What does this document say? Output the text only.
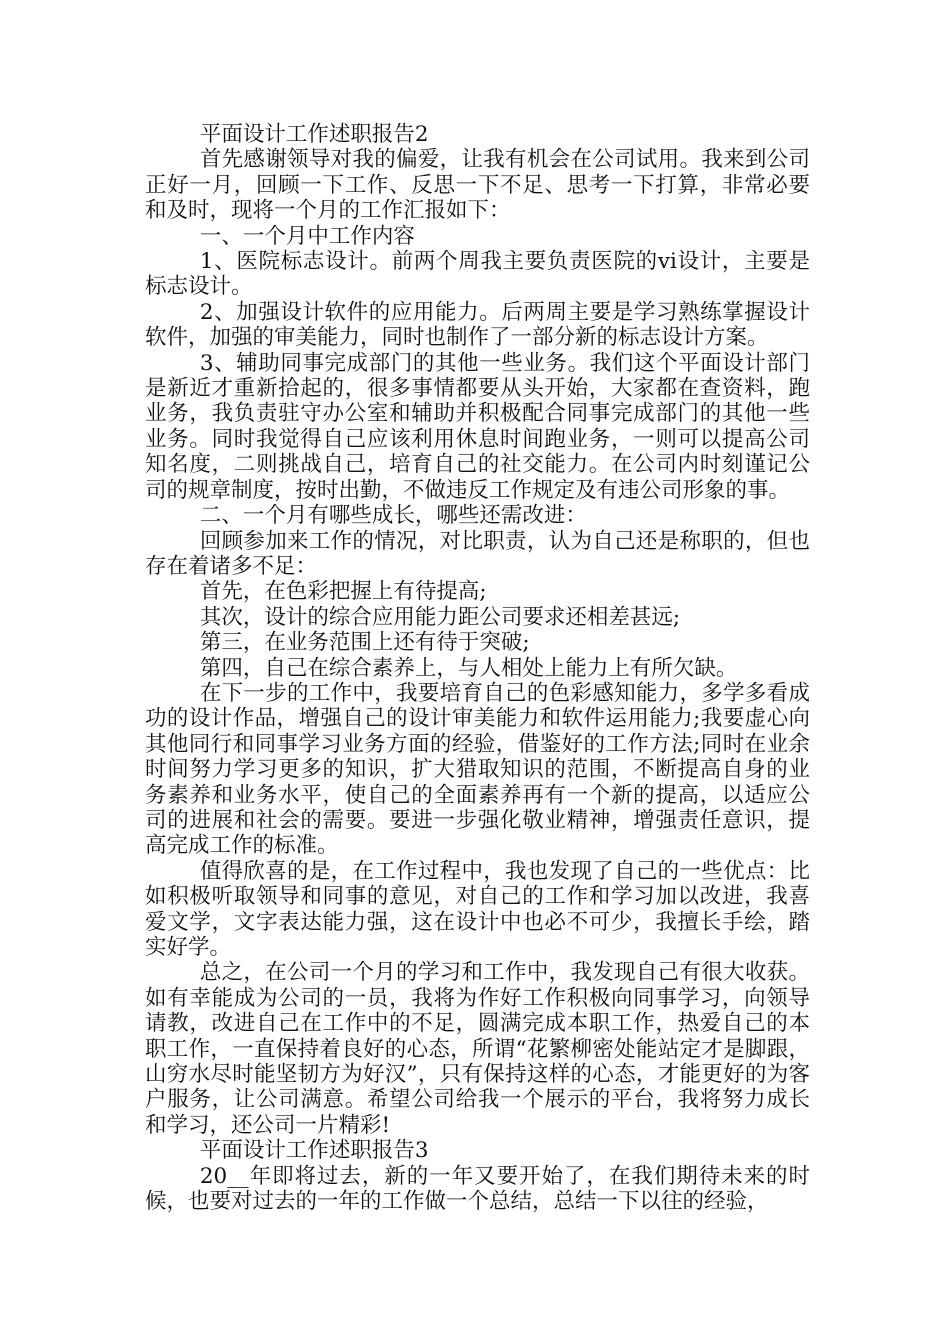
平面设计工作述职报告2

首先感谢领导对我的偏爱，让我有机会在公司试用。我来到公司正好一月，回顾一下工作、反思一下不足、思考一下打算，非常必要和及时，现将一个月的工作汇报如下：

一、一个月中工作内容

1、医院标志设计。前两个周我主要负责医院的vi设计，主要是标志设计。

2、加强设计软件的应用能力。后两周主要是学习熟练掌握设计软件，加强的审美能力，同时也制作了一部分新的标志设计方案。

3、辅助同事完成部门的其他一些业务。我们这个平面设计部门是新近才重新拾起的，很多事情都要从头开始，大家都在查资料，跑业务，我负责驻守办公室和辅助并积极配合同事完成部门的其他一些业务。同时我觉得自己应该利用休息时间跑业务，一则可以提高公司知名度，二则挑战自己，培育自己的社交能力。在公司内时刻谨记公司的规章制度，按时出勤，不做违反工作规定及有违公司形象的事。

二、一个月有哪些成长，哪些还需改进：

回顾参加来工作的情况，对比职责，认为自己还是称职的，但也存在着诸多不足：

首先，在色彩把握上有待提高;

其次，设计的综合应用能力距公司要求还相差甚远;

第三，在业务范围上还有待于突破;

第四，自己在综合素养上，与人相处上能力上有所欠缺。

在下一步的工作中，我要培育自己的色彩感知能力，多学多看成功的设计作品，增强自己的设计审美能力和软件运用能力;我要虚心向其他同行和同事学习业务方面的经验，借鉴好的工作方法;同时在业余时间努力学习更多的知识，扩大猎取知识的范围，不断提高自身的业务素养和业务水平，使自己的全面素养再有一个新的提高，以适应公司的进展和社会的需要。要进一步强化敬业精神，增强责任意识，提高完成工作的标准。

值得欣喜的是，在工作过程中，我也发现了自己的一些优点：比如积极听取领导和同事的意见，对自己的工作和学习加以改进，我喜爱文学，文字表达能力强，这在设计中也必不可少，我擅长手绘，踏实好学。

总之，在公司一个月的学习和工作中，我发现自己有很大收获。如有幸能成为公司的一员，我将为作好工作积极向同事学习，向领导请教，改进自己在工作中的不足，圆满完成本职工作，热爱自己的本职工作，一直保持着良好的心态，所谓“花繁柳密处能站定才是脚跟，山穷水尽时能坚韧方为好汉”，只有保持这样的心态，才能更好的为客户服务，让公司满意。希望公司给我一个展示的平台，我将努力成长和学习，还公司一片精彩!

平面设计工作述职报告3

20__年即将过去，新的一年又要开始了，在我们期待未来的时候，也要对过去的一年的工作做一个总结，总结一下以往的经验，
